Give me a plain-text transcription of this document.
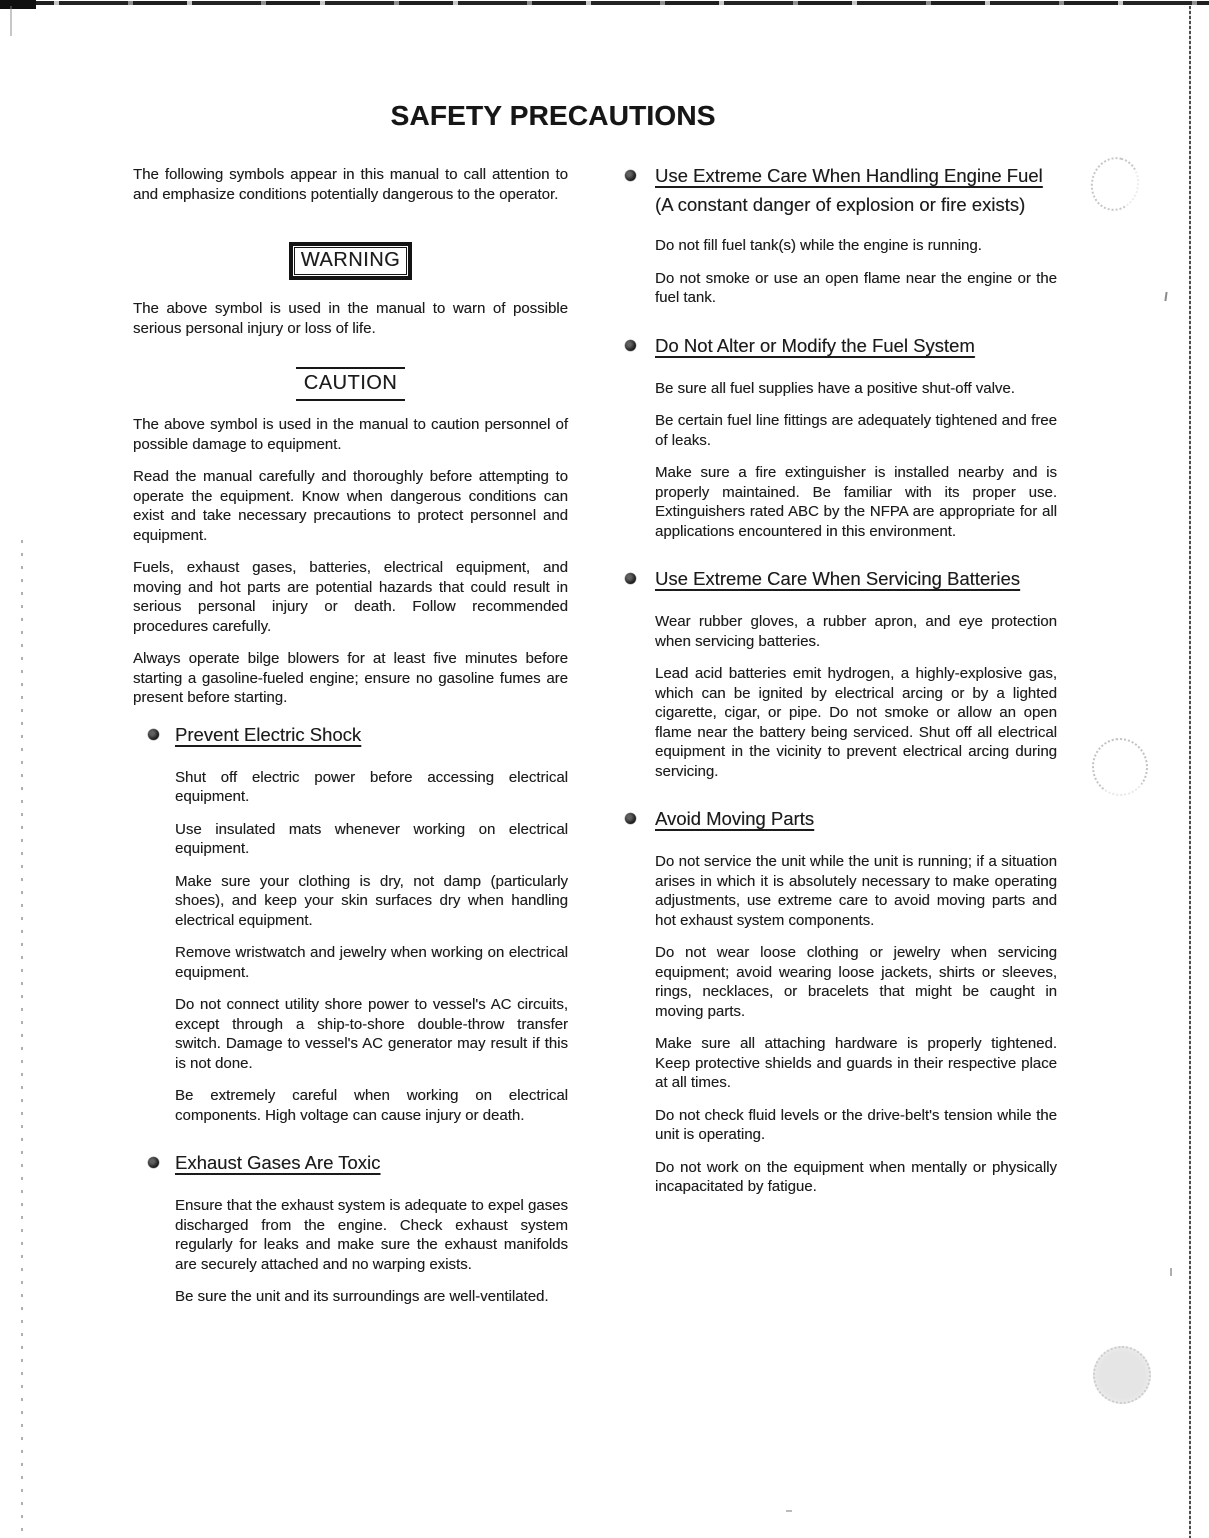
SAFETY PRECAUTIONS

The following symbols appear in this manual to call attention to and emphasize conditions potentially dangerous to the operator.

WARNING

The above symbol is used in the manual to warn of possible serious personal injury or loss of life.

CAUTION

The above symbol is used in the manual to caution personnel of possible damage to equipment.

Read the manual carefully and thoroughly before attempting to operate the equipment. Know when dangerous conditions can exist and take necessary precautions to protect personnel and equipment.

Fuels, exhaust gases, batteries, electrical equipment, and moving and hot parts are potential hazards that could result in serious personal injury or death. Follow recommended procedures carefully.

Always operate bilge blowers for at least five minutes before starting a gasoline-fueled engine; ensure no gasoline fumes are present before starting.

Prevent Electric Shock

Shut off electric power before accessing electrical equipment.

Use insulated mats whenever working on electrical equipment.

Make sure your clothing is dry, not damp (particularly shoes), and keep your skin surfaces dry when handling electrical equipment.

Remove wristwatch and jewelry when working on electrical equipment.

Do not connect utility shore power to vessel's AC circuits, except through a ship-to-shore double-throw transfer switch. Damage to vessel's AC generator may result if this is not done.

Be extremely careful when working on electrical components. High voltage can cause injury or death.

Exhaust Gases Are Toxic

Ensure that the exhaust system is adequate to expel gases discharged from the engine. Check exhaust system regularly for leaks and make sure the exhaust manifolds are securely attached and no warping exists.

Be sure the unit and its surroundings are well-ventilated.

Use Extreme Care When Handling Engine Fuel
(A constant danger of explosion or fire exists)

Do not fill fuel tank(s) while the engine is running.

Do not smoke or use an open flame near the engine or the fuel tank.

Do Not Alter or Modify the Fuel System

Be sure all fuel supplies have a positive shut-off valve.

Be certain fuel line fittings are adequately tightened and free of leaks.

Make sure a fire extinguisher is installed nearby and is properly maintained. Be familiar with its proper use. Extinguishers rated ABC by the NFPA are appropriate for all applications encountered in this environment.

Use Extreme Care When Servicing Batteries

Wear rubber gloves, a rubber apron, and eye protection when servicing batteries.

Lead acid batteries emit hydrogen, a highly-explosive gas, which can be ignited by electrical arcing or by a lighted cigarette, cigar, or pipe. Do not smoke or allow an open flame near the battery being serviced. Shut off all electrical equipment in the vicinity to prevent electrical arcing during servicing.

Avoid Moving Parts

Do not service the unit while the unit is running; if a situation arises in which it is absolutely necessary to make operating adjustments, use extreme care to avoid moving parts and hot exhaust system components.

Do not wear loose clothing or jewelry when servicing equipment; avoid wearing loose jackets, shirts or sleeves, rings, necklaces, or bracelets that might be caught in moving parts.

Make sure all attaching hardware is properly tightened. Keep protective shields and guards in their respective place at all times.

Do not check fluid levels or the drive-belt's tension while the unit is operating.

Do not work on the equipment when mentally or physically incapacitated by fatigue.
